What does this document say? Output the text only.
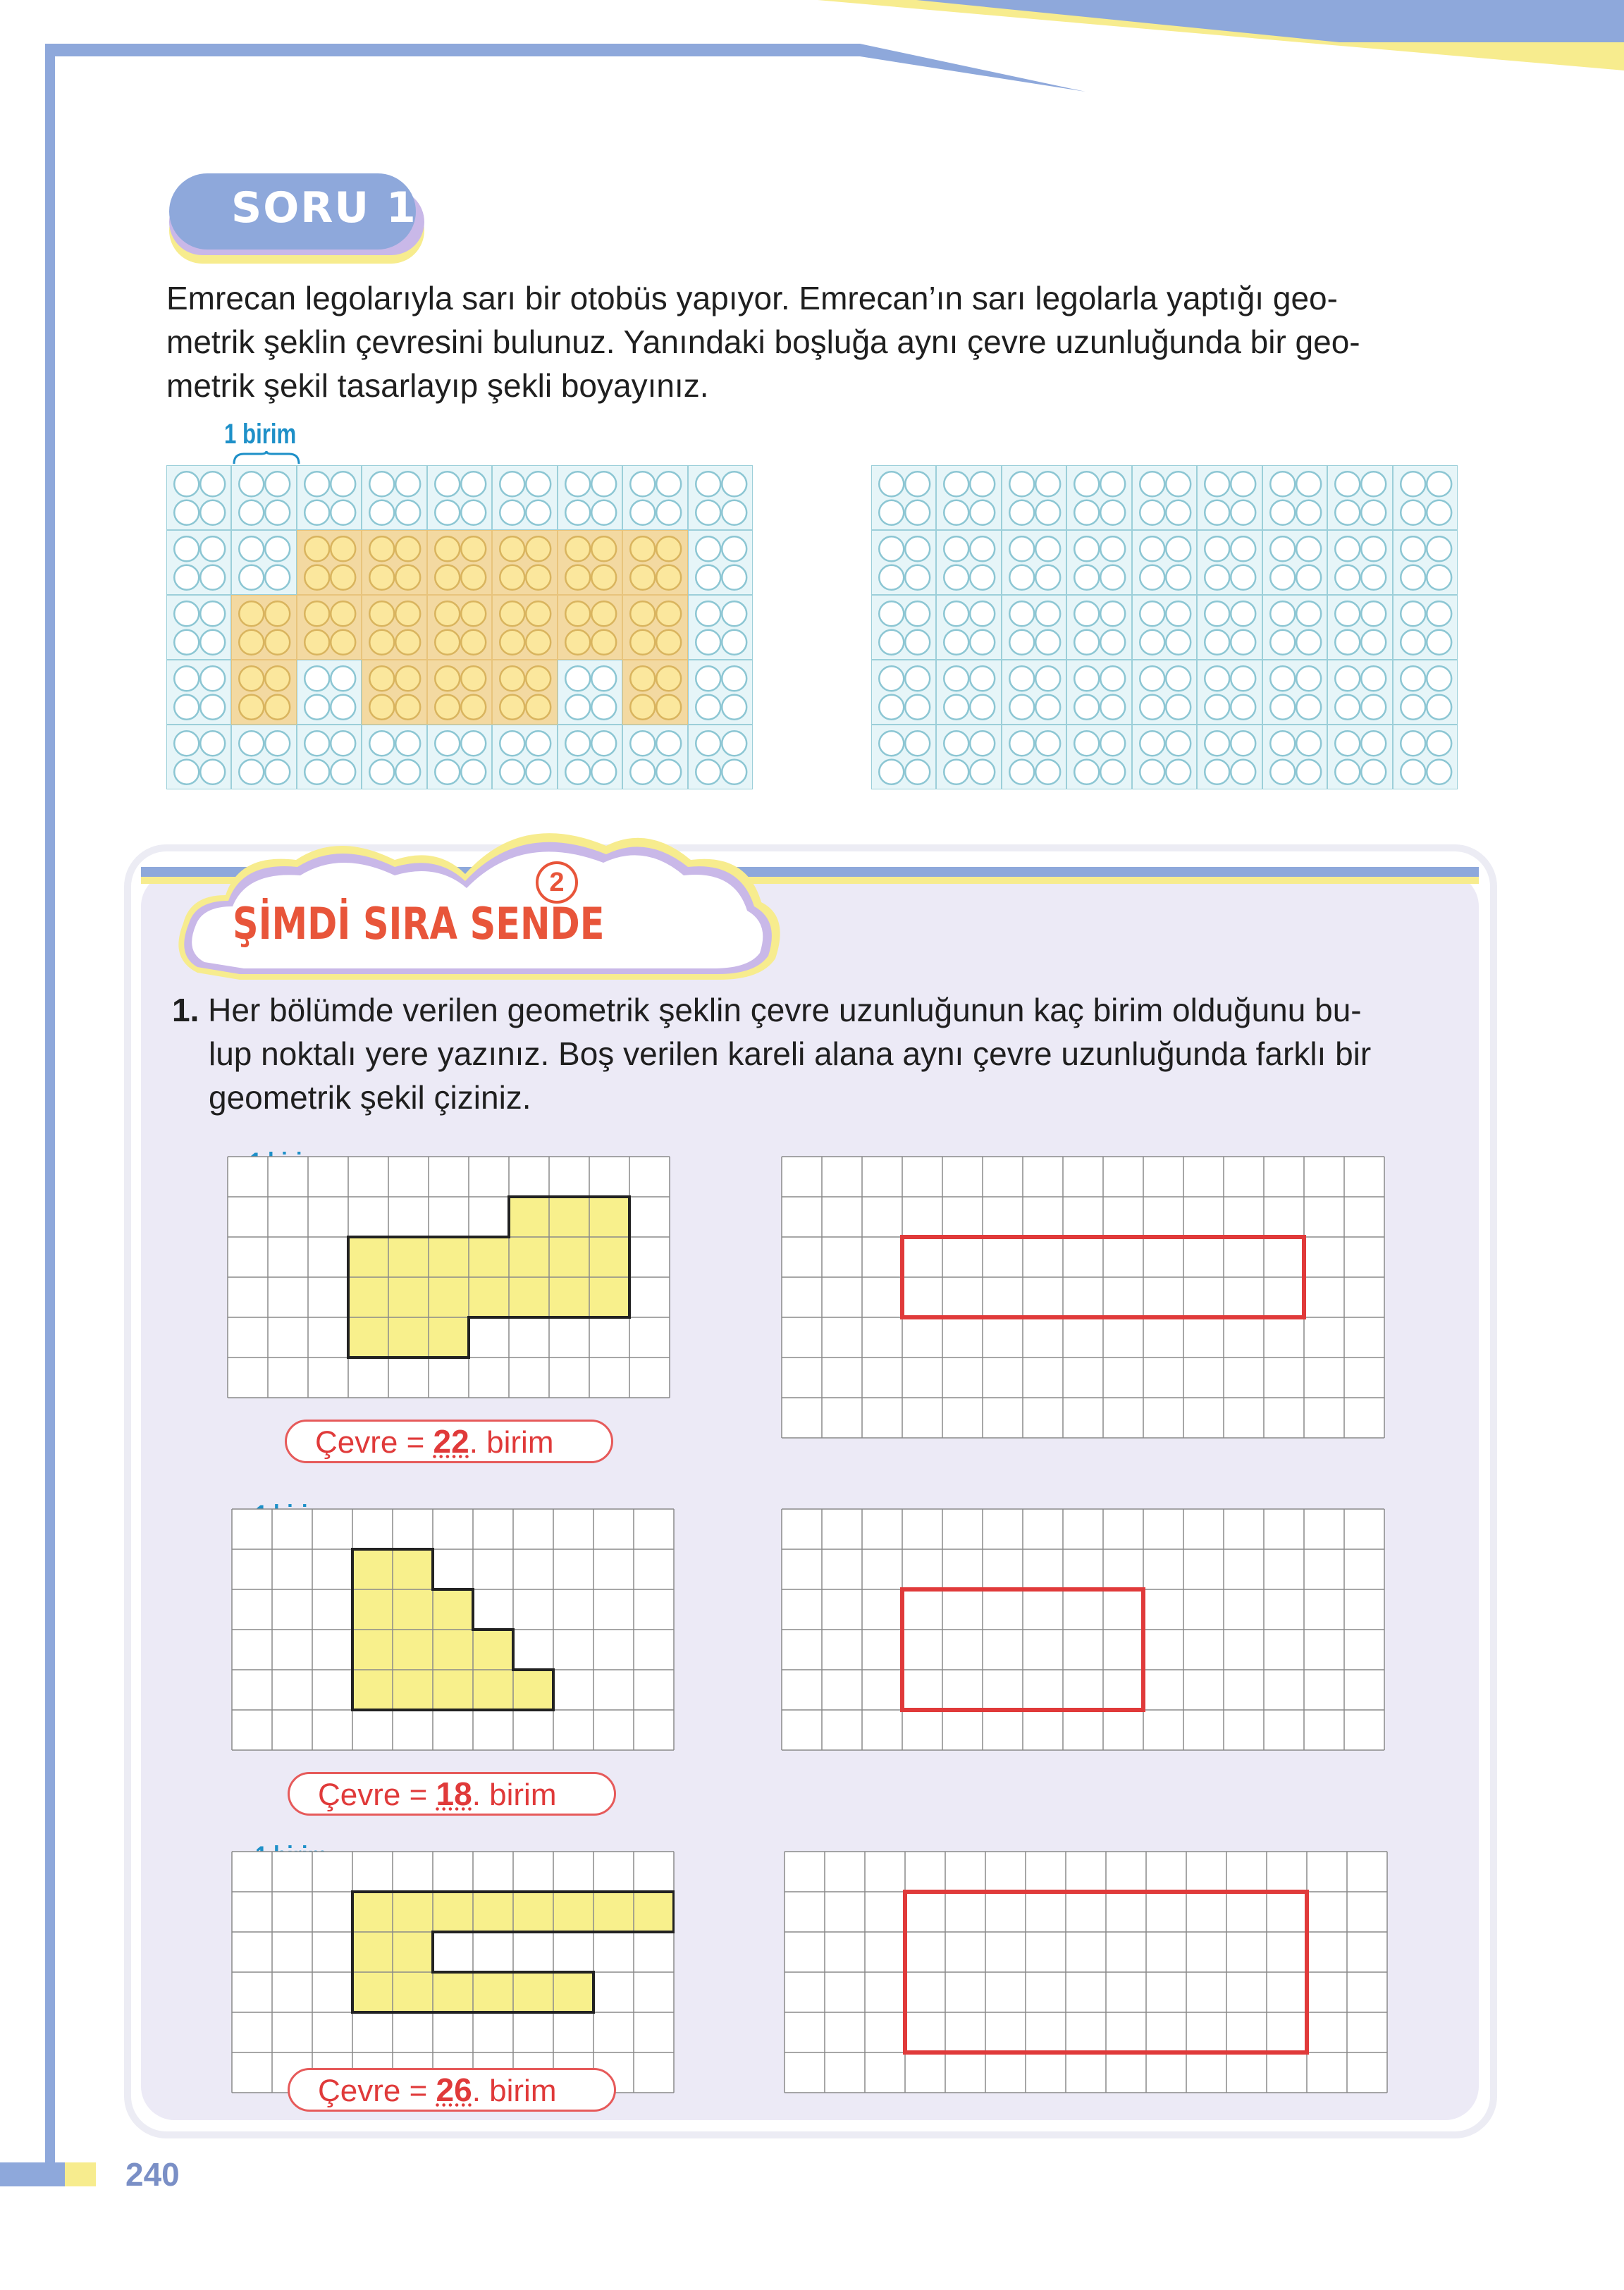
SORU 1
Emrecan legolarıyla sarı bir otobüs yapıyor. Emrecan’ın sarı legolarla yaptığı geo-
metrik şeklin çevresini bulunuz. Yanındaki boşluğa aynı çevre uzunluğunda bir geo-
metrik şekil tasarlayıp şekli boyayınız.
1 birim
2
ŞİMDİ SIRA SENDE
1. Her bölümde verilen geometrik şeklin çevre uzunluğunun kaç birim olduğunu bu-
lup noktalı yere yazınız. Boş verilen kareli alana aynı çevre uzunluğunda farklı bir
geometrik şekil çiziniz.
Çevre = 22. birim
Çevre = 18. birim
Çevre = 26. birim
240
